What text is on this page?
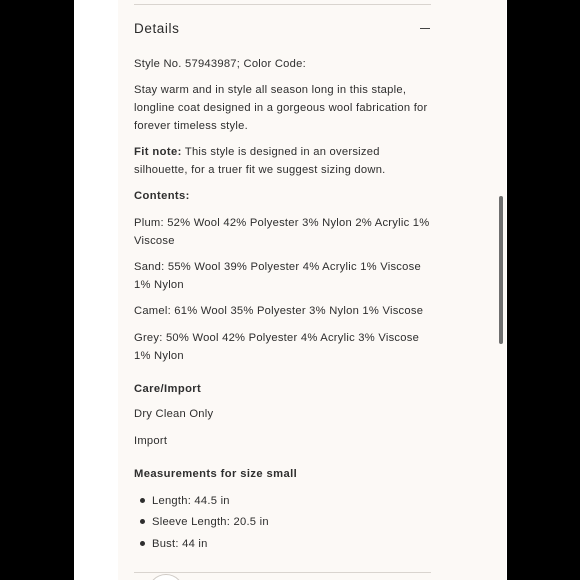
Details
Style No. 57943987; Color Code:
Stay warm and in style all season long in this staple, longline coat designed in a gorgeous wool fabrication for forever timeless style.
Fit note: This style is designed in an oversized silhouette, for a truer fit we suggest sizing down.
Contents:
Plum: 52% Wool 42% Polyester 3% Nylon 2% Acrylic 1% Viscose
Sand: 55% Wool 39% Polyester 4% Acrylic 1% Viscose 1% Nylon
Camel: 61% Wool 35% Polyester 3% Nylon 1% Viscose
Grey: 50% Wool 42% Polyester 4% Acrylic 3% Viscose 1% Nylon
Care/Import
Dry Clean Only
Import
Measurements for size small
Length: 44.5 in
Sleeve Length: 20.5 in
Bust: 44 in
